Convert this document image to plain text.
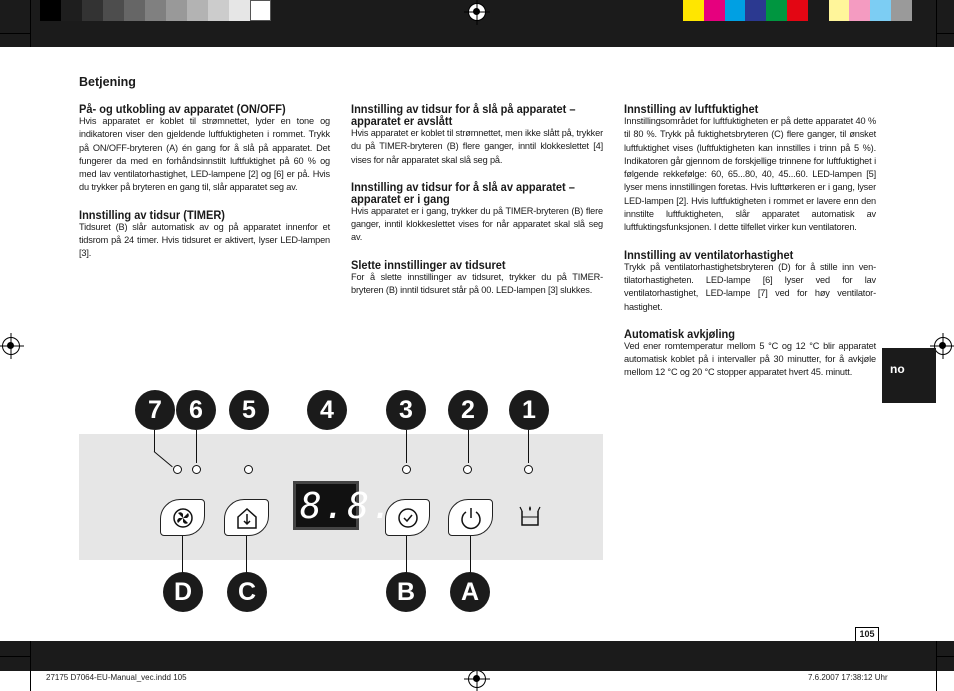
Betjening
På- og utkobling av apparatet (ON/OFF)

Hvis apparatet er koblet til strømnettet, lyder en tone og indikatoren viser den gjeldende luftfuktigheten i rommet. Trykk på ON/OFF-bryteren (A) én gang for å slå på apparatet. Det fungerer da med en forhåndsinnstilt luftfuktighet på 60 % og med lav ventilatorhastighet, LED-lampene [2] og [6] er på. Hvis du trykker på bryteren en gang til, slår apparatet seg av.

Innstilling av tidsur (TIMER)

Tidsuret (B) slår automatisk av og på apparatet innenfor et tidsrom på 24 timer. Hvis tidsuret er aktivert, lyser LED-lampen [3].

Innstilling av tidsur for å slå på apparatet – apparatet er avslått

Hvis apparatet er koblet til strømnettet, men ikke slått på, trykker du på TIMER-bryteren (B) flere ganger, inntil klokkeslettet [4] vises for når apparatet skal slå seg på.

Innstilling av tidsur for å slå av apparatet – apparatet er i gang

Hvis apparatet er i gang, trykker du på TIMER-bryteren (B) flere ganger, inntil klokkeslettet vises for når apparatet skal slå seg av.

Slette innstillinger av tidsuret

For å slette innstillinger av tidsuret, trykker du på TIMER-bryteren (B) inntil tidsuret står på 00. LED-lampen [3] slukkes.

Innstilling av luftfuktighet

Innstillingsområdet for luftfuktigheten er på dette apparatet 40 % til 80 %. Trykk på fuktighetsbryteren (C) flere ganger, til ønsket luftfuktighet vises (luftfuktigheten kan innstilles i trinn på 5 %). Indikatoren går gjennom de forskjellige trinnene for luftfuktighet i følgende rekkefølge: 60, 65...80, 40, 45...60. LED-lampen [5] lyser mens innstillingen foretas. Hvis lufttørkeren er i gang, lyser LED-lampen [2]. Hvis luftfuktigheten i rommet er lavere enn den innstilte luftfuktigheten, slår apparatet automatisk av luftfuktingsfunksjonen. I dette tilfellet virker kun ventilatoren.

Innstilling av ventilatorhastighet

Trykk på ventilatorhastighetsbryteren (D) for å stille inn ven-tilatorhastigheten. LED-lampe [6] lyser ved for lav ventilatorhastighet, LED-lampe [7] ved for høy ventilator-hastighet.

Automatisk avkjøling

Ved ener romtemperatur mellom 5 °C og 12 °C blir apparatet automatisk koblet på i intervaller på 30 minutter, for å avkjøle mellom 12 °C og 20 °C stopper apparatet hvert 45. minutt.	no
7	6	5	4	3	2	1
8.8.
D	C	B	A
105
27175 D7064-EU-Manual_vec.indd 105	7.6.2007 17:38:12 Uhr
